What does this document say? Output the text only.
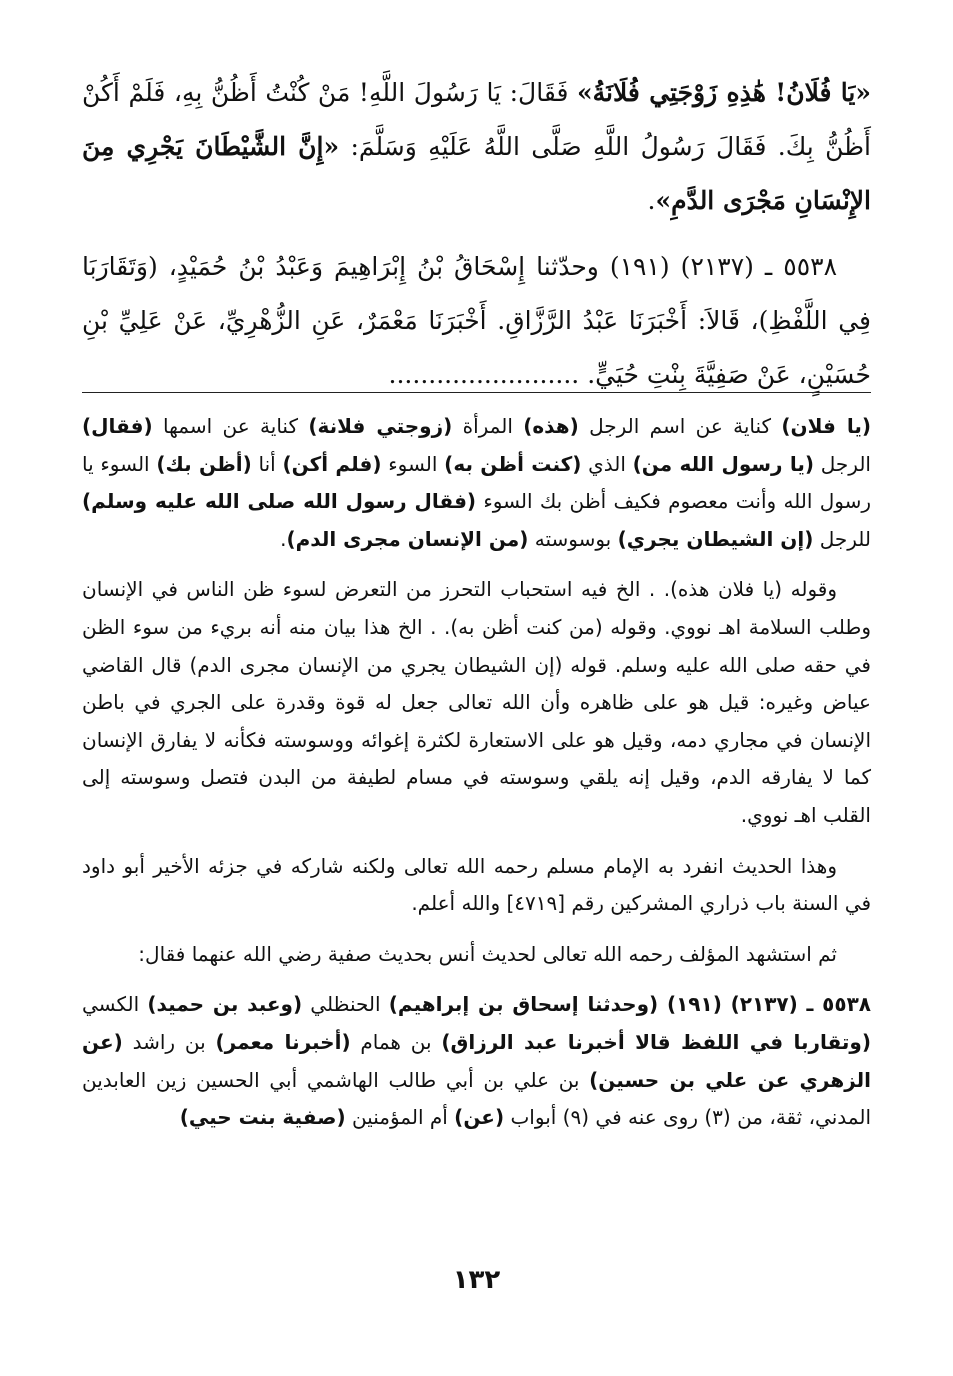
«يَا فُلَانُ! هَٰذِهِ زَوْجَتِي فُلَانَةُ» فَقَالَ: يَا رَسُولَ اللَّهِ! مَنْ كُنْتُ أَظُنُّ بِهِ، فَلَمْ أَكُنْ أَظُنُّ بِكَ. فَقَالَ رَسُولُ اللَّهِ صَلَّى اللَّهُ عَلَيْهِ وَسَلَّمَ: «إِنَّ الشَّيْطَانَ يَجْرِي مِنَ الإِنْسَانِ مَجْرَى الدَّمِ».

٥٥٣٨ ـ (٢١٣٧) (١٩١) وحدّثنا إِسْحَاقُ بْنُ إِبْرَاهِيمَ وَعَبْدُ بْنُ حُمَيْدٍ، (وَتَقَارَبَا فِي اللَّفْظِ)، قَالاَ: أَخْبَرَنَا عَبْدُ الرَّزَّاقِ. أَخْبَرَنَا مَعْمَرٌ، عَنِ الزُّهْرِيِّ، عَنْ عَلِيِّ بْنِ حُسَيْنٍ، عَنْ صَفِيَّةَ بِنْتِ حُيَيٍّ. ........................

(يا فلان) كناية عن اسم الرجل (هذه) المرأة (زوجتي فلانة) كناية عن اسمها (فقال) الرجل (يا رسول الله من) الذي (كنت أظن به) السوء (فلم أكن) أنا (أظن بك) السوء يا رسول الله وأنت معصوم فكيف أظن بك السوء (فقال رسول الله صلى الله عليه وسلم) للرجل (إن الشيطان يجري) بوسوسته (من الإنسان مجرى الدم).

وقوله (يا فلان هذه). . الخ فيه استحباب التحرز من التعرض لسوء ظن الناس في الإنسان وطلب السلامة اهـ نووي. وقوله (من كنت أظن به). . الخ هذا بيان منه أنه بريء من سوء الظن في حقه صلى الله عليه وسلم. قوله (إن الشيطان يجري من الإنسان مجرى الدم) قال القاضي عياض وغيره: قيل هو على ظاهره وأن الله تعالى جعل له قوة وقدرة على الجري في باطن الإنسان في مجاري دمه، وقيل هو على الاستعارة لكثرة إغوائه ووسوسته فكأنه لا يفارق الإنسان كما لا يفارقه الدم، وقيل إنه يلقي وسوسته في مسام لطيفة من البدن فتصل وسوسته إلى القلب اهـ نووي.

وهذا الحديث انفرد به الإمام مسلم رحمه الله تعالى ولكنه شاركه في جزئه الأخير أبو داود في السنة باب ذراري المشركين رقم [٤٧١٩] والله أعلم.

ثم استشهد المؤلف رحمه الله تعالى لحديث أنس بحديث صفية رضي الله عنهما فقال:

٥٥٣٨ ـ (٢١٣٧) (١٩١) (وحدثنا إسحاق بن إبراهيم) الحنظلي (وعبد بن حميد) الكسي (وتقاربا في اللفظ قالا أخبرنا عبد الرزاق) بن همام (أخبرنا معمر) بن راشد (عن الزهري عن علي بن حسين) بن علي بن أبي طالب الهاشمي أبي الحسين زين العابدين المدني، ثقة، من (٣) روى عنه في (٩) أبواب (عن) أم المؤمنين (صفية بنت حيي)

١٣٢
